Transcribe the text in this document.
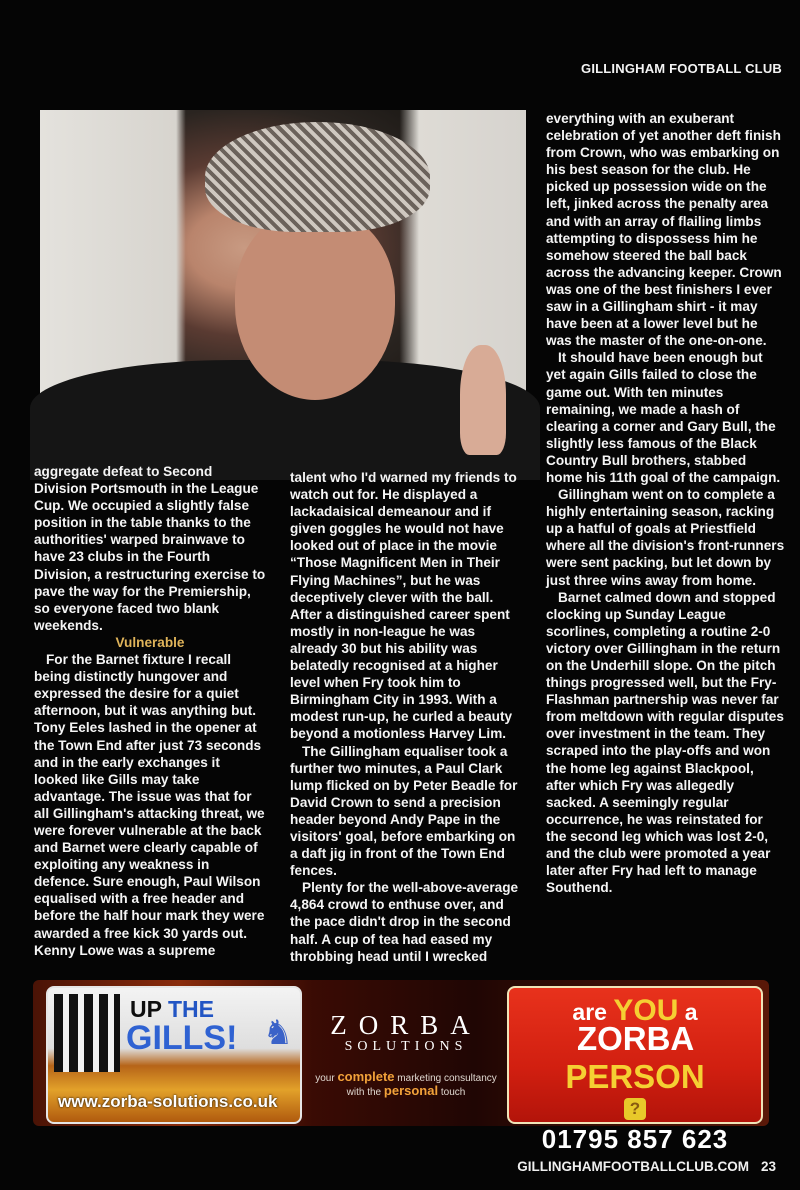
GILLINGHAM FOOTBALL CLUB

aggregate defeat to Second Division Portsmouth in the League Cup. We occupied a slightly false position in the table thanks to the authorities' warped brainwave to have 23 clubs in the Fourth Division, a restructuring exercise to pave the way for the Premiership, so everyone faced two blank weekends.

Vulnerable

For the Barnet fixture I recall being distinctly hungover and expressed the desire for a quiet afternoon, but it was anything but. Tony Eeles lashed in the opener at the Town End after just 73 seconds and in the early exchanges it looked like Gills may take advantage. The issue was that for all Gillingham's attacking threat, we were forever vulnerable at the back and Barnet were clearly capable of exploiting any weakness in defence. Sure enough, Paul Wilson equalised with a free header and before the half hour mark they were awarded a free kick 30 yards out. Kenny Lowe was a supreme

talent who I'd warned my friends to watch out for. He displayed a lackadaisical demeanour and if given goggles he would not have looked out of place in the movie “Those Magnificent Men in Their Flying Machines”, but he was deceptively clever with the ball. After a distinguished career spent mostly in non-league he was already 30 but his ability was belatedly recognised at a higher level when Fry took him to Birmingham City in 1993. With a modest run-up, he curled a beauty beyond a motionless Harvey Lim.

The Gillingham equaliser took a further two minutes, a Paul Clark lump flicked on by Peter Beadle for David Crown to send a precision header beyond Andy Pape in the visitors' goal, before embarking on a daft jig in front of the Town End fences.

Plenty for the well-above-average 4,864 crowd to enthuse over, and the pace didn't drop in the second half. A cup of tea had eased my throbbing head until I wrecked

everything with an exuberant celebration of yet another deft finish from Crown, who was embarking on his best season for the club. He picked up possession wide on the left, jinked across the penalty area and with an array of flailing limbs attempting to dispossess him he somehow steered the ball back across the advancing keeper. Crown was one of the best finishers I ever saw in a Gillingham shirt - it may have been at a lower level but he was the master of the one-on-one.

It should have been enough but yet again Gills failed to close the game out. With ten minutes remaining, we made a hash of clearing a corner and Gary Bull, the slightly less famous of the Black Country Bull brothers, stabbed home his 11th goal of the campaign.

Gillingham went on to complete a highly entertaining season, racking up a hatful of goals at Priestfield where all the division's front-runners were sent packing, but let down by just three wins away from home.

Barnet calmed down and stopped clocking up Sunday League scorlines, completing a routine 2-0 victory over Gillingham in the return on the Underhill slope. On the pitch things progressed well, but the Fry-Flashman partnership was never far from meltdown with regular disputes over investment in the team. They scraped into the play-offs and won the home leg against Blackpool, after which Fry was allegedly sacked. A seemingly regular occurrence, he was reinstated for the second leg which was lost 2-0, and the club were promoted a year later after Fry had left to manage Southend.

UP THE
GILLS! ♞
www.zorba-solutions.co.uk
ZORBA
SOLUTIONS
your complete marketing consultancy
with the personal touch
are YOU a
ZORBA PERSON
?
01795 857 623
GILLINGHAMFOOTBALLCLUB.COM 23
